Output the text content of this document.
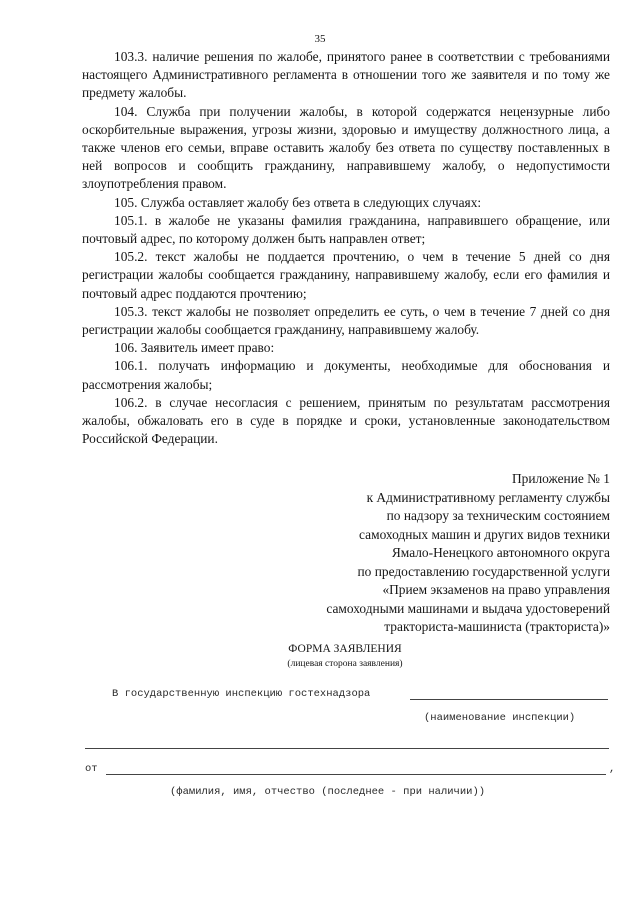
35

103.3. наличие решения по жалобе, принятого ранее в соответствии с требованиями настоящего Административного регламента в отношении того же заявителя и по тому же предмету жалобы.

104. Служба при получении жалобы, в которой содержатся нецензурные либо оскорбительные выражения, угрозы жизни, здоровью и имуществу должностного лица, а также членов его семьи, вправе оставить жалобу без ответа по существу поставленных в ней вопросов и сообщить гражданину, направившему жалобу, о недопустимости злоупотребления правом.

105. Служба оставляет жалобу без ответа в следующих случаях:

105.1. в жалобе не указаны фамилия гражданина, направившего обращение, или почтовый адрес, по которому должен быть направлен ответ;

105.2. текст жалобы не поддается прочтению, о чем в течение 5 дней со дня регистрации жалобы сообщается гражданину, направившему жалобу, если его фамилия и почтовый адрес поддаются прочтению;

105.3. текст жалобы не позволяет определить ее суть, о чем в течение 7 дней со дня регистрации жалобы сообщается гражданину, направившему жалобу.

106. Заявитель имеет право:

106.1. получать информацию и документы, необходимые для обоснования и рассмотрения жалобы;

106.2. в случае несогласия с решением, принятым по результатам рассмотрения жалобы, обжаловать его в суде в порядке и сроки, установленные законодательством Российской Федерации.

Приложение № 1
к Административному регламенту службы
по надзору за техническим состоянием
самоходных машин и других видов техники
Ямало-Ненецкого автономного округа
по предоставлению государственной услуги
«Прием экзаменов на право управления
самоходными машинами и выдача удостоверений
тракториста-машиниста (тракториста)»
ФОРМА ЗАЯВЛЕНИЯ
(лицевая сторона заявления)
В государственную инспекцию гостехнадзора
(наименование инспекции)
от	,
(фамилия, имя, отчество (последнее - при наличии))
